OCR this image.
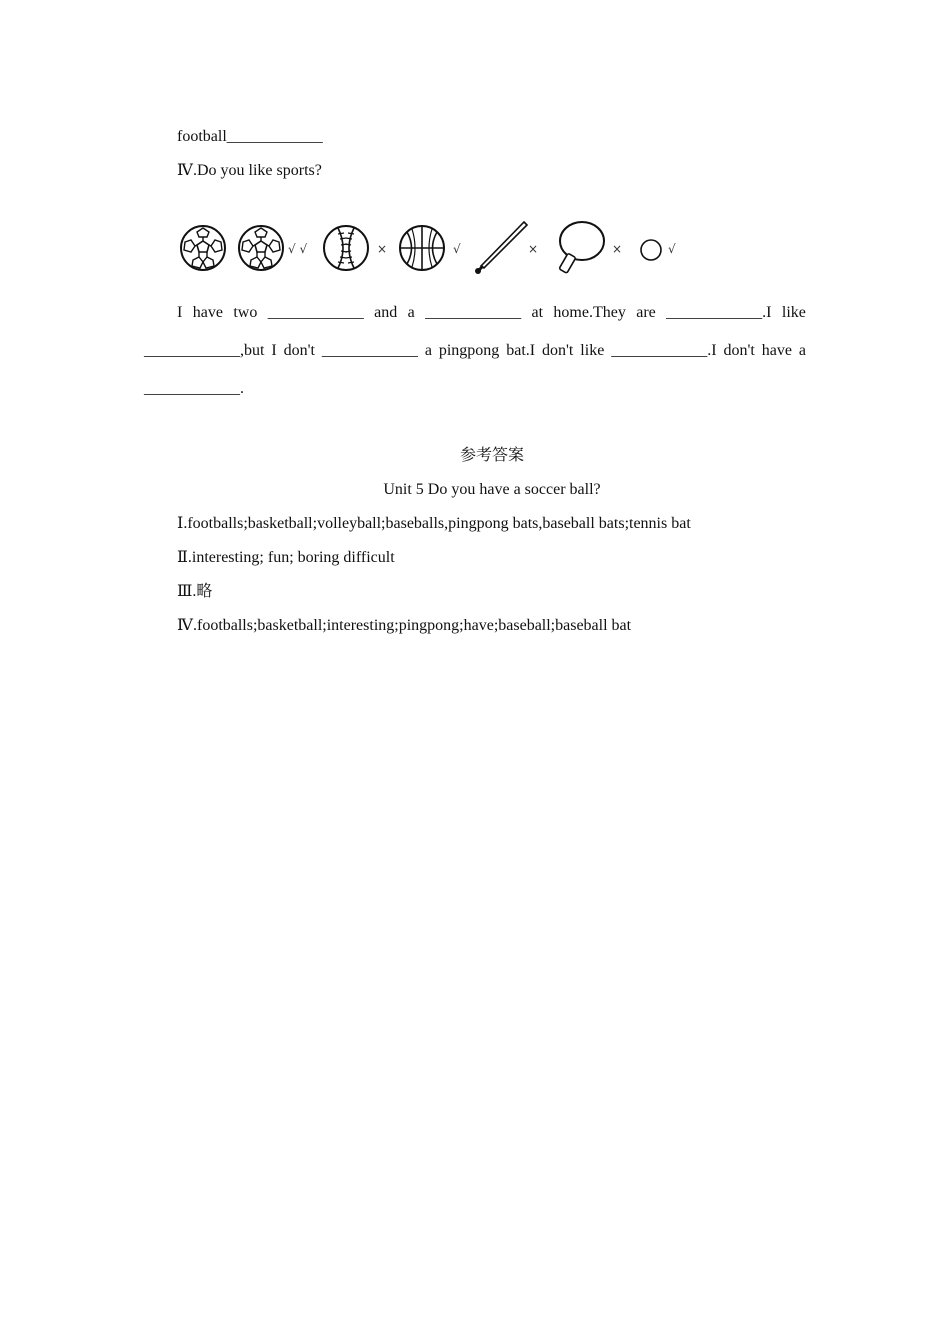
football____________
Ⅳ.Do you like sports?
√ √	×	√	×	×	√
I have two ____________ and a ____________ at home.They are ____________.I like
____________,but I don't ____________ a pingpong bat.I don't like ____________.I don't have a
____________.
参考答案
Unit 5 Do you have a soccer ball?
Ⅰ.footballs;basketball;volleyball;baseballs,pingpong bats,baseball bats;tennis bat
Ⅱ.interesting; fun; boring difficult
Ⅲ.略
Ⅳ.footballs;basketball;interesting;pingpong;have;baseball;baseball bat
